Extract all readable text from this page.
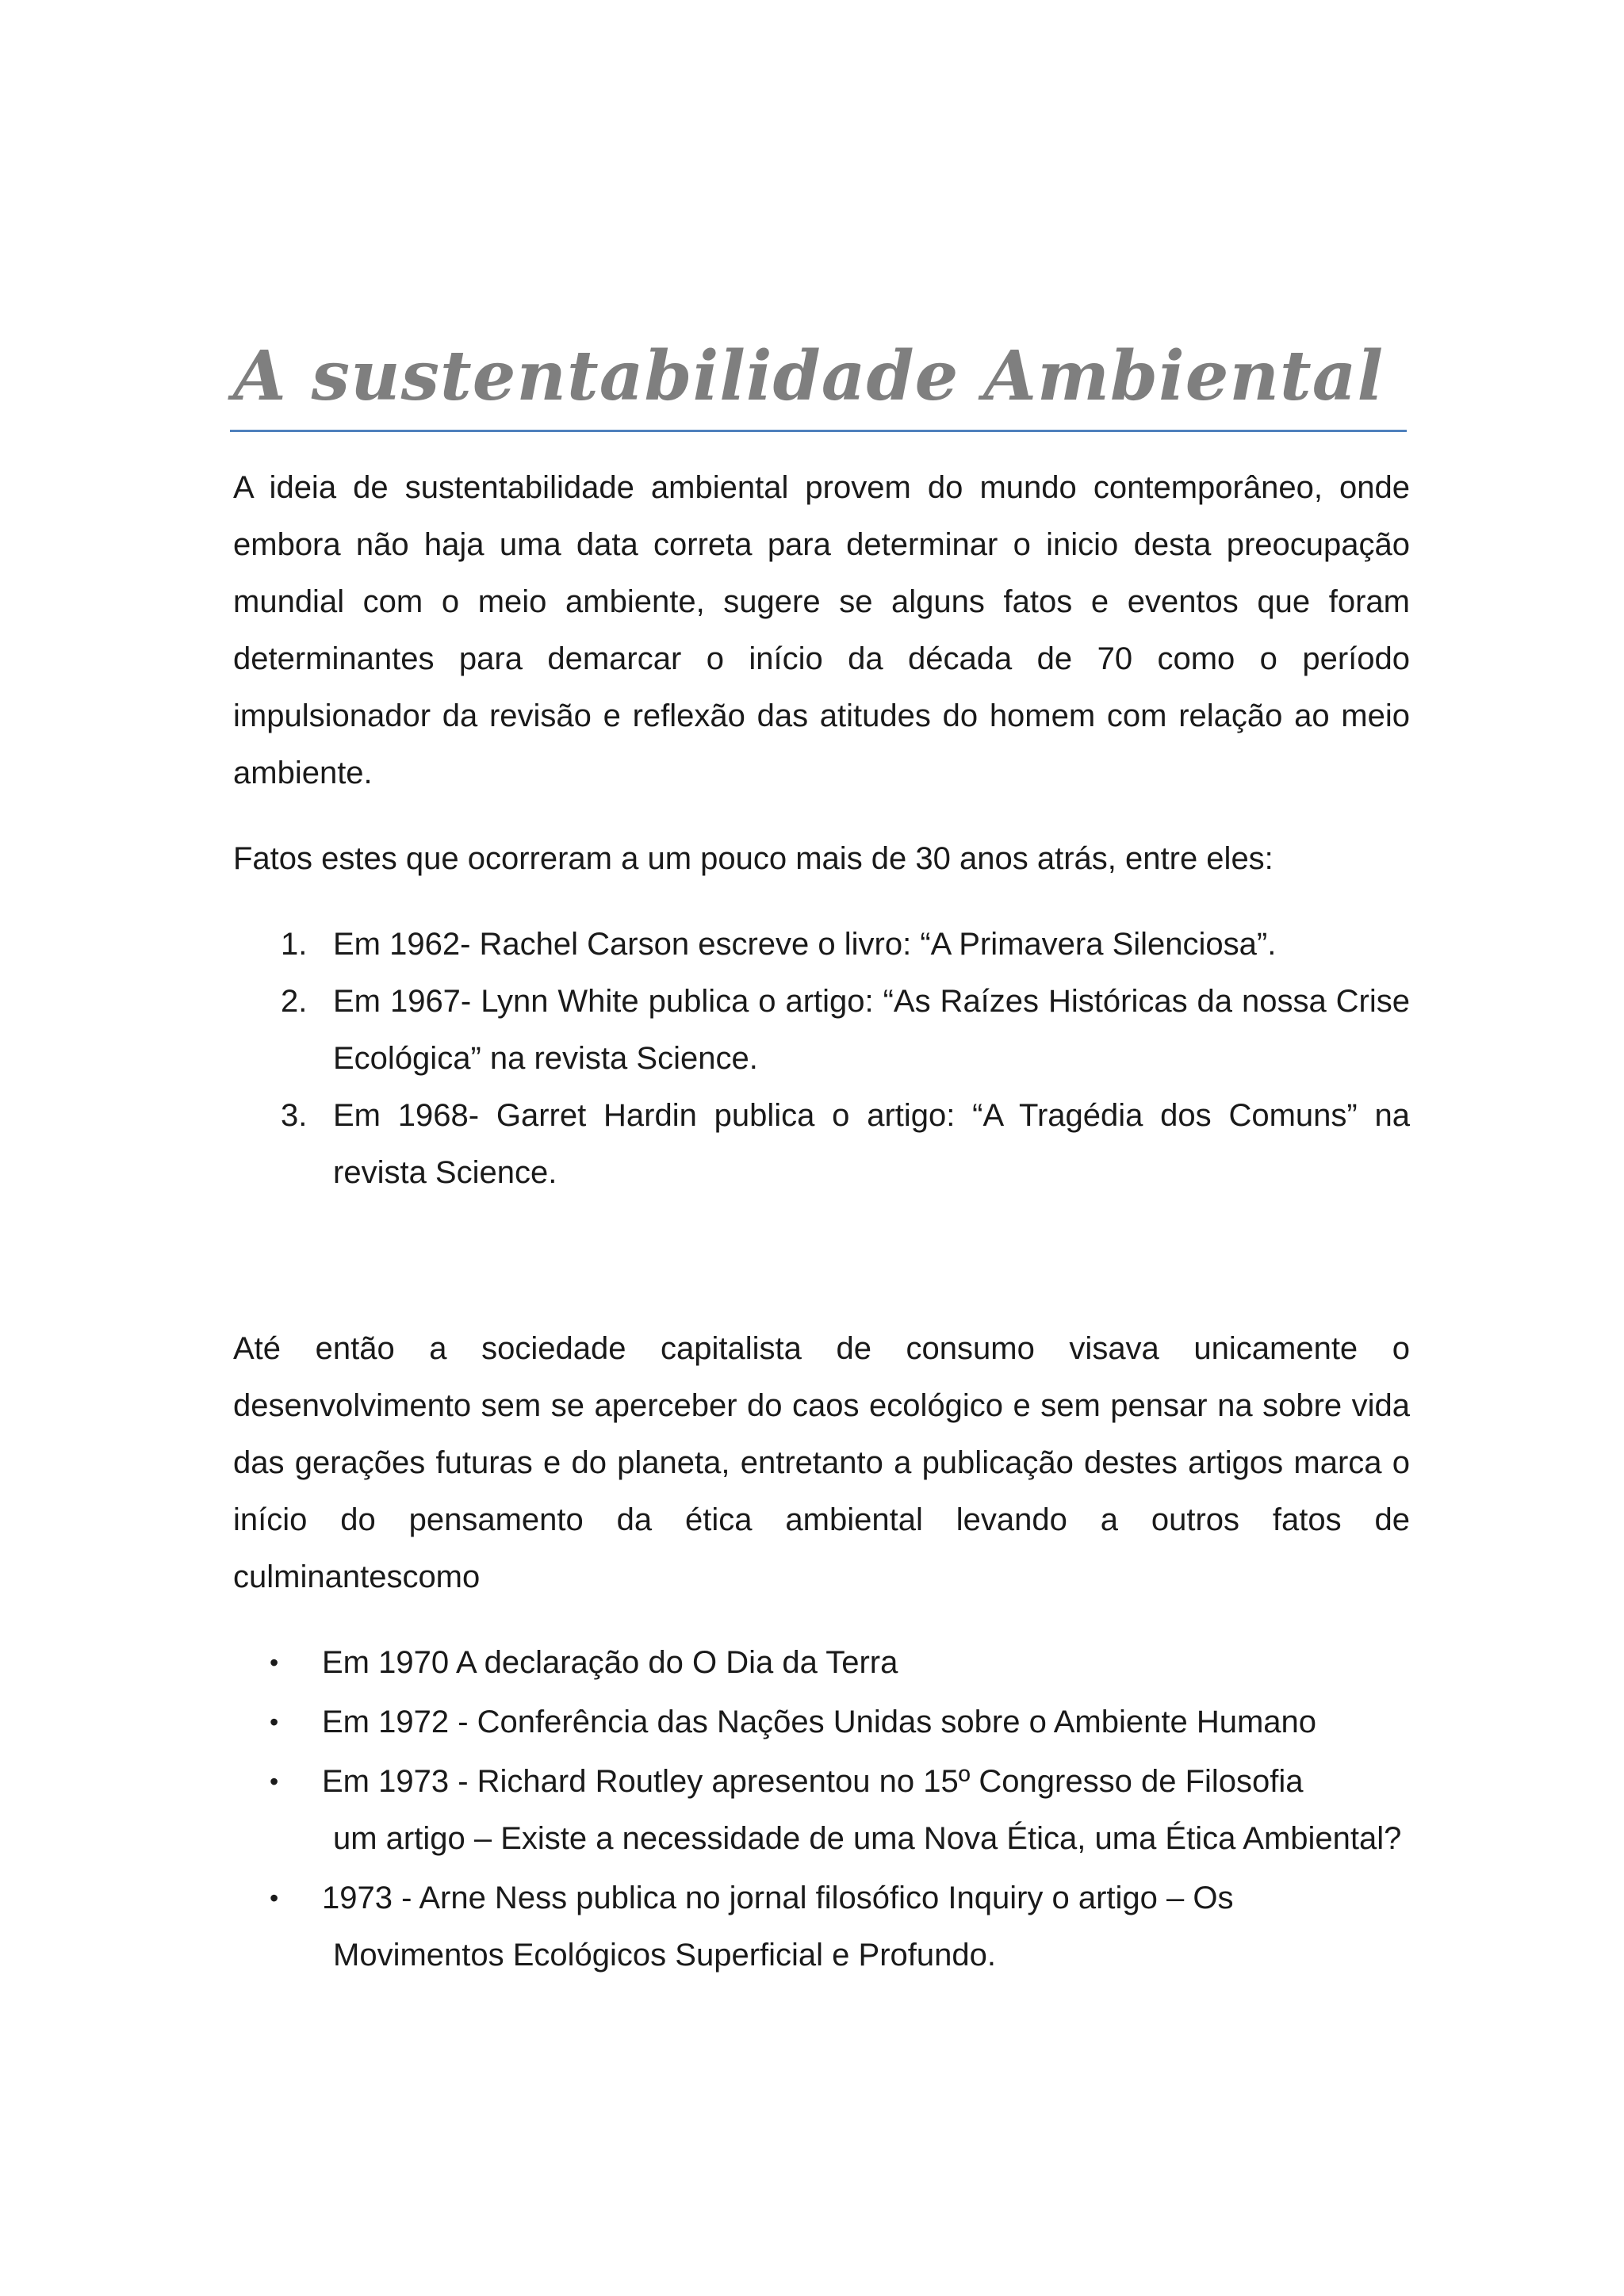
A sustentabilidade Ambiental

A ideia de sustentabilidade ambiental provem do mundo contemporâneo, onde embora não haja uma data correta para determinar o inicio desta preocupação mundial com o meio ambiente, sugere se alguns fatos e eventos que foram determinantes para demarcar o início da década de 70 como o período impulsionador da revisão e reflexão das atitudes do homem com relação ao meio ambiente.

Fatos estes que ocorreram a um pouco mais de 30 anos atrás, entre eles:

1. Em 1962- Rachel Carson escreve o livro: “A Primavera Silenciosa”.
2. Em 1967- Lynn White publica o artigo: “As Raízes Históricas da nossa Crise Ecológica” na revista Science.
3. Em 1968- Garret Hardin publica o artigo: “A Tragédia dos Comuns” na revista Science.

Até então a sociedade capitalista de consumo visava unicamente o desenvolvimento sem se aperceber do caos ecológico e sem pensar na sobre vida das gerações futuras e do planeta, entretanto a publicação destes artigos marca o início do pensamento da ética ambiental levando a outros fatos de culminantescomo

• Em 1970 A declaração do O Dia da Terra
• Em 1972 - Conferência das Nações Unidas sobre o Ambiente Humano
• Em 1973 - Richard Routley apresentou no 15º Congresso de Filosofia
um artigo – Existe a necessidade de uma Nova Ética, uma Ética Ambiental?
• 1973 - Arne Ness publica no jornal filosófico Inquiry o artigo – Os
Movimentos Ecológicos Superficial e Profundo.
